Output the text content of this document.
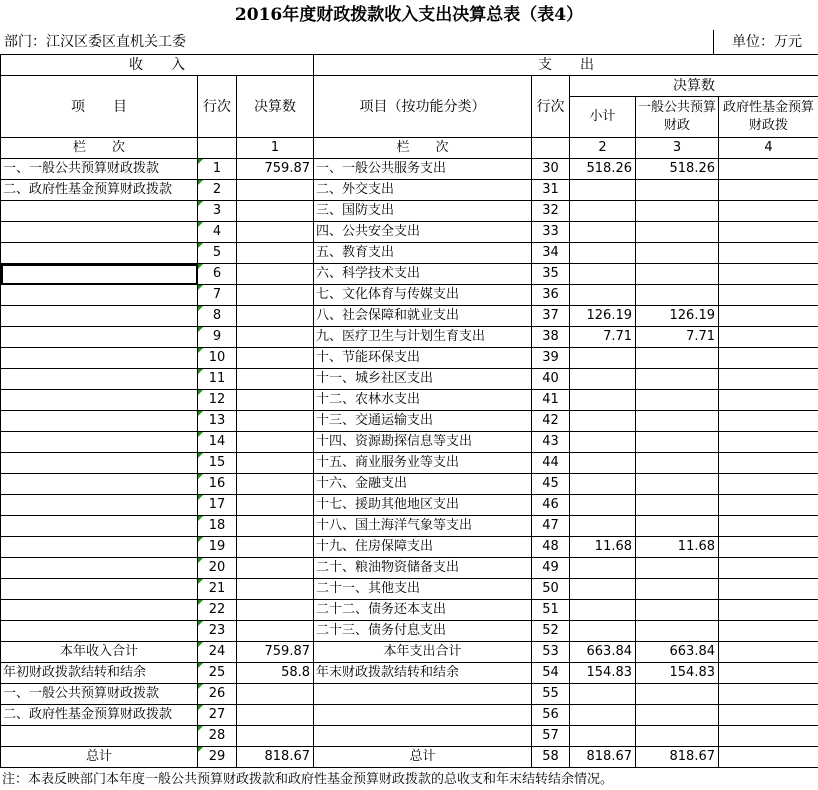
2016年度财政拨款收入支出决算总表（表4）
部门：江汉区委区直机关工委	单位：万元
收　　入			支　　出				
项　　目	行次	决算数	项目（按功能分类）	行次	决算数		
					小计	一般公共预算财政	政府性基金预算财政拨
栏　　次		1	栏　　次		2	3	4
一、一般公共预算财政拨款	1	759.87	一、一般公共服务支出	30	518.26	518.26	
二、政府性基金预算财政拨款	2		二、外交支出	31			
	3		三、国防支出	32			
	4		四、公共安全支出	33			
	5		五、教育支出	34			
	6		六、科学技术支出	35			
	7		七、文化体育与传媒支出	36			
	8		八、社会保障和就业支出	37	126.19	126.19	
	9		九、医疗卫生与计划生育支出	38	7.71	7.71	
	10		十、节能环保支出	39			
	11		十一、城乡社区支出	40			
	12		十二、农林水支出	41			
	13		十三、交通运输支出	42			
	14		十四、资源勘探信息等支出	43			
	15		十五、商业服务业等支出	44			
	16		十六、金融支出	45			
	17		十七、援助其他地区支出	46			
	18		十八、国土海洋气象等支出	47			
	19		十九、住房保障支出	48	11.68	11.68	
	20		二十、粮油物资储备支出	49			
	21		二十一、其他支出	50			
	22		二十二、债务还本支出	51			
	23		二十三、债务付息支出	52			
本年收入合计	24	759.87	本年支出合计	53	663.84	663.84	
年初财政拨款结转和结余	25	58.8	年末财政拨款结转和结余	54	154.83	154.83	
一、一般公共预算财政拨款	26			55			
二、政府性基金预算财政拨款	27			56			
	28			57			
总计	29	818.67	总计	58	818.67	818.67	
注：本表反映部门本年度一般公共预算财政拨款和政府性基金预算财政拨款的总收支和年末结转结余情况。
